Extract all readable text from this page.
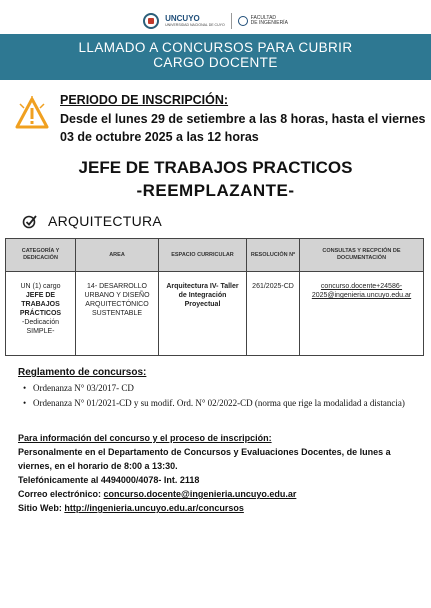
UNCUYO
UNIVERSIDAD NACIONAL DE CUYO
FACULTAD
DE INGENIERÍA
LLAMADO A CONCURSOS PARA CUBRIR
CARGO DOCENTE
PERIODO DE INSCRIPCIÓN:
Desde el lunes 29 de setiembre a las 8 horas, hasta el viernes 03 de octubre 2025 a las 12 horas
JEFE DE TRABAJOS PRACTICOS
-REEMPLAZANTE-
ARQUITECTURA
CATEGORÍA Y DEDICACIÓN	AREA	ESPACIO CURRICULAR	RESOLUCIÓN Nº	CONSULTAS Y RECPCIÓN DE DOCUMENTACIÓN

UN (1) cargo
JEFE DE TRABAJOS PRÁCTICOS
-Dedicación SIMPLE-	14- DESARROLLO URBANO Y DISEÑO ARQUITECTÓNICO SUSTENTABLE	Arquitectura IV- Taller de Integración Proyectual	261/2025-CD	concurso.docente+24586-2025@ingenieria.uncuyo.edu.ar
Reglamento de concursos:
• Ordenanza N° 03/2017- CD
• Ordenanza N° 01/2021-CD y su modif. Ord. N° 02/2022-CD (norma que rige la modalidad a distancia)
Para información del concurso y el proceso de inscripción:

Personalmente en el Departamento de Concursos y Evaluaciones Docentes, de lunes a viernes, en el horario de 8:00 a 13:30.

Telefónicamente al 4494000/4078- Int. 2118

Correo electrónico: concurso.docente@ingenieria.uncuyo.edu.ar

Sitio Web: http://ingenieria.uncuyo.edu.ar/concursos
